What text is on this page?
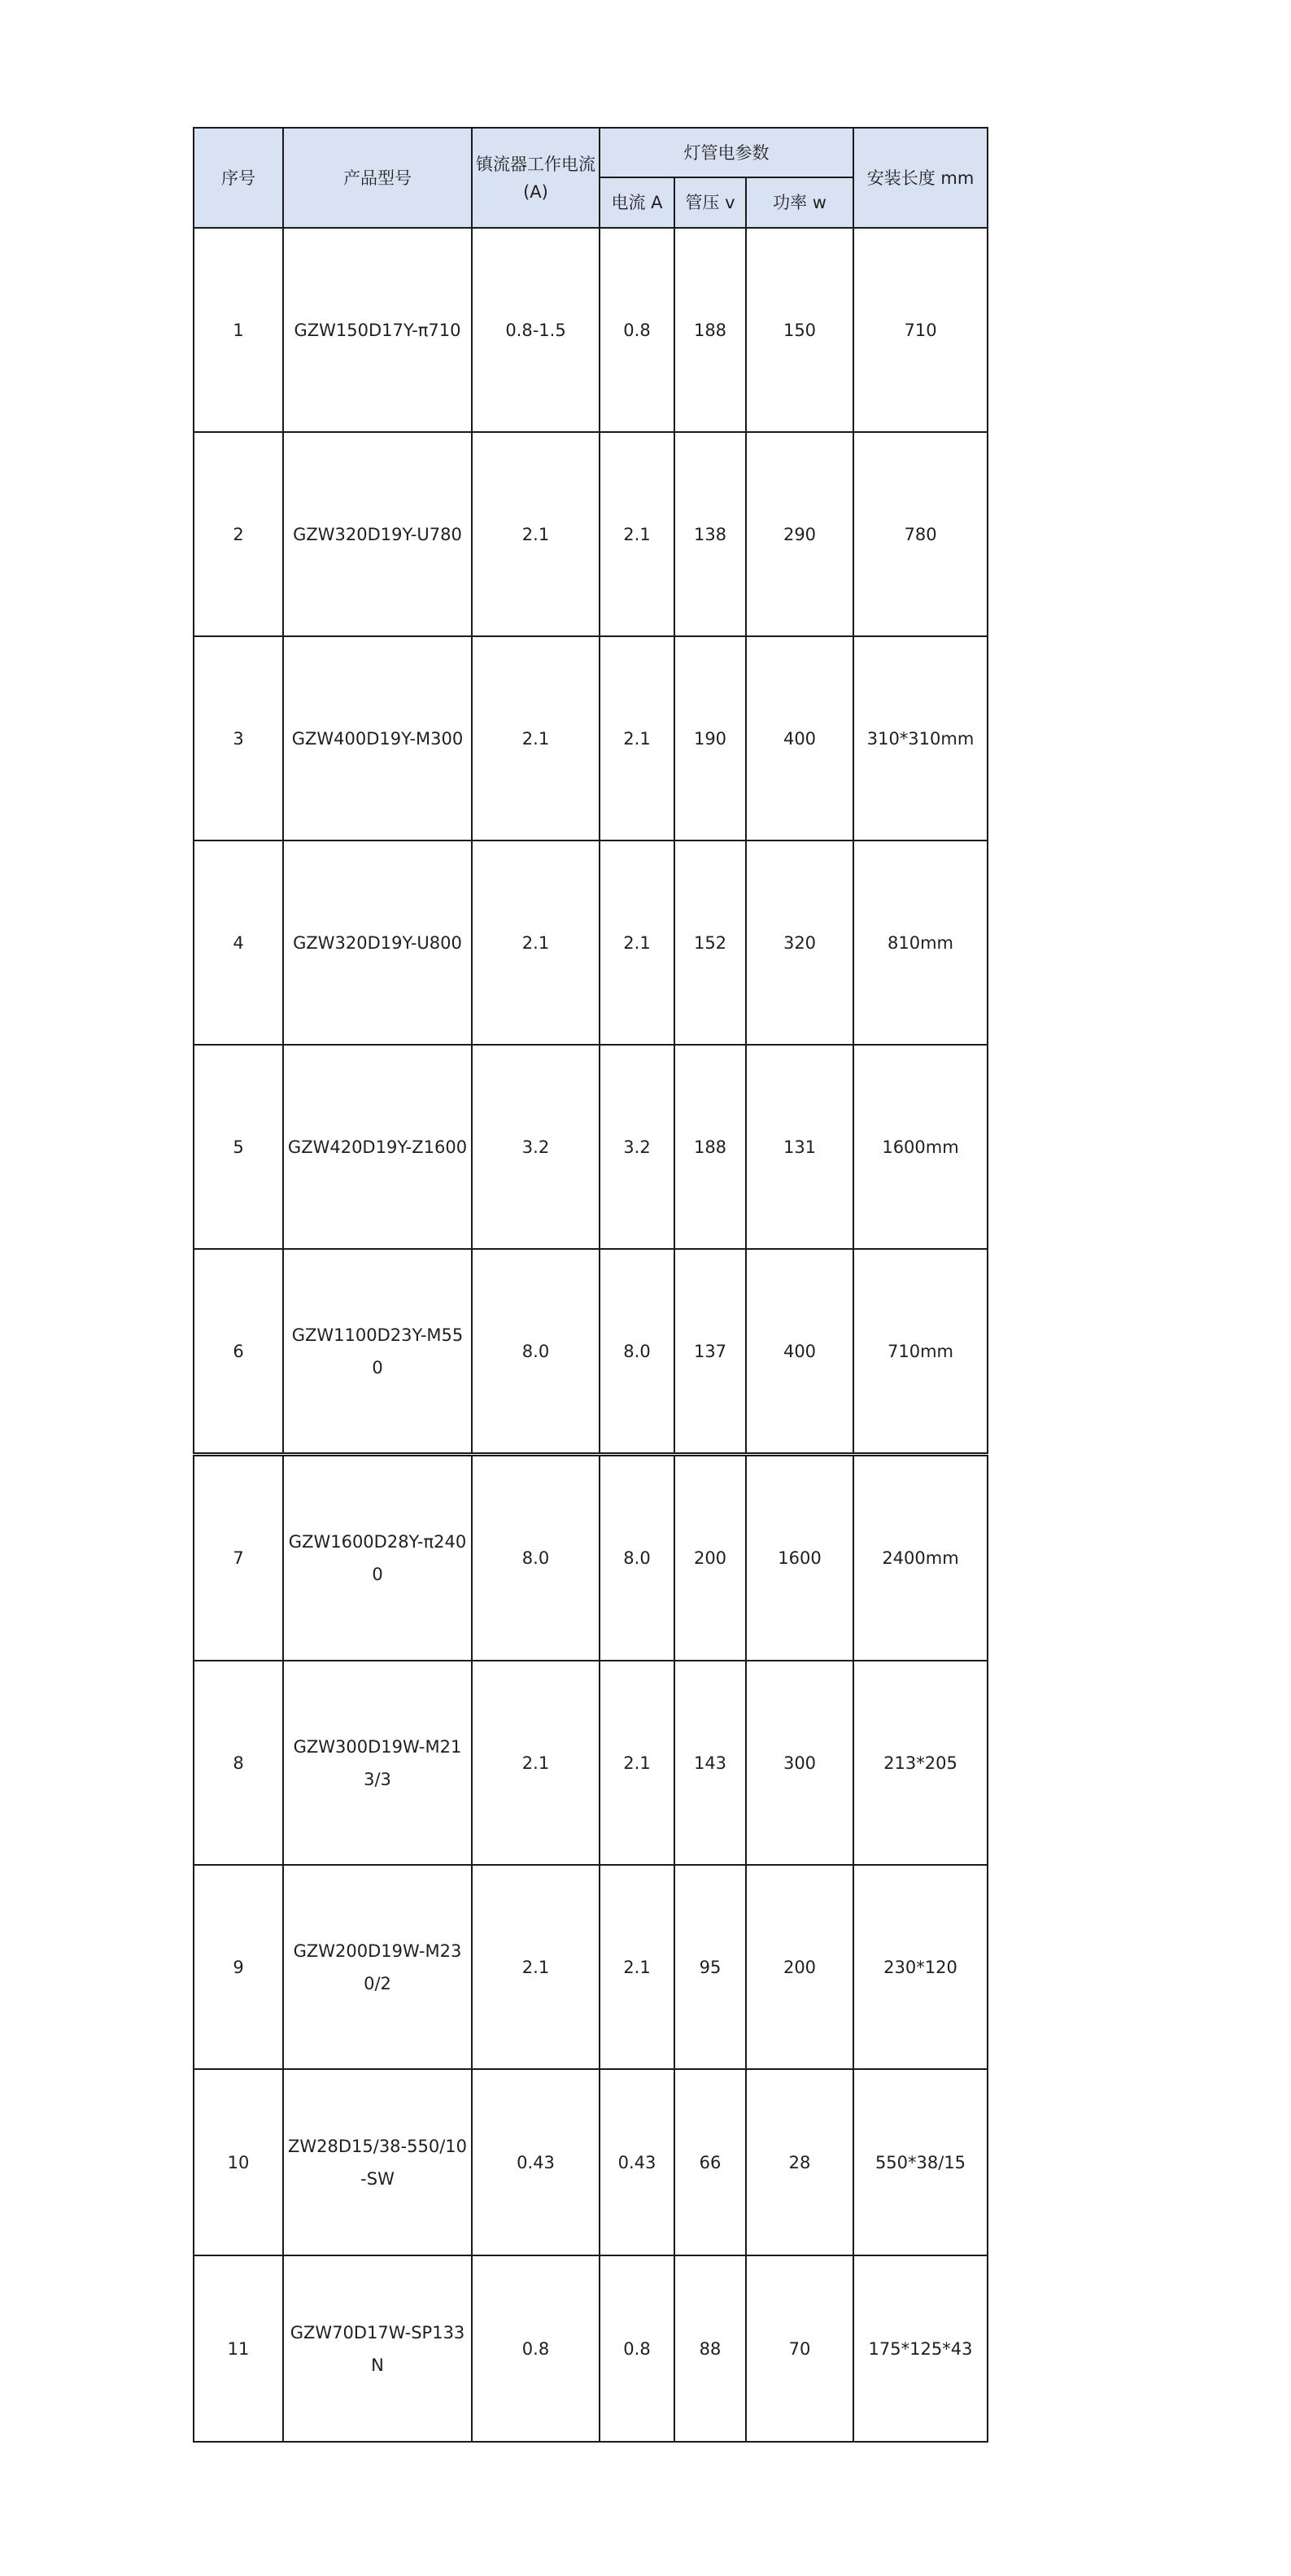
序号	产品型号	镇流器工作电流(A)	灯管电参数			安装长度 mm
			电流 A	管压 v	功率 w	
1	GZW150D17Y-π710	0.8-1.5	0.8	188	150	710
2	GZW320D19Y-U780	2.1	2.1	138	290	780
3	GZW400D19Y-M300	2.1	2.1	190	400	310*310mm
4	GZW320D19Y-U800	2.1	2.1	152	320	810mm
5	GZW420D19Y-Z1600	3.2	3.2	188	131	1600mm
6	GZW1100D23Y-M550	8.0	8.0	137	400	710mm
7	GZW1600D28Y-π2400	8.0	8.0	200	1600	2400mm
8	GZW300D19W-M213/3	2.1	2.1	143	300	213*205
9	GZW200D19W-M230/2	2.1	2.1	95	200	230*120
10	ZW28D15/38-550/10-SW	0.43	0.43	66	28	550*38/15
11	GZW70D17W-SP133N	0.8	0.8	88	70	175*125*43
